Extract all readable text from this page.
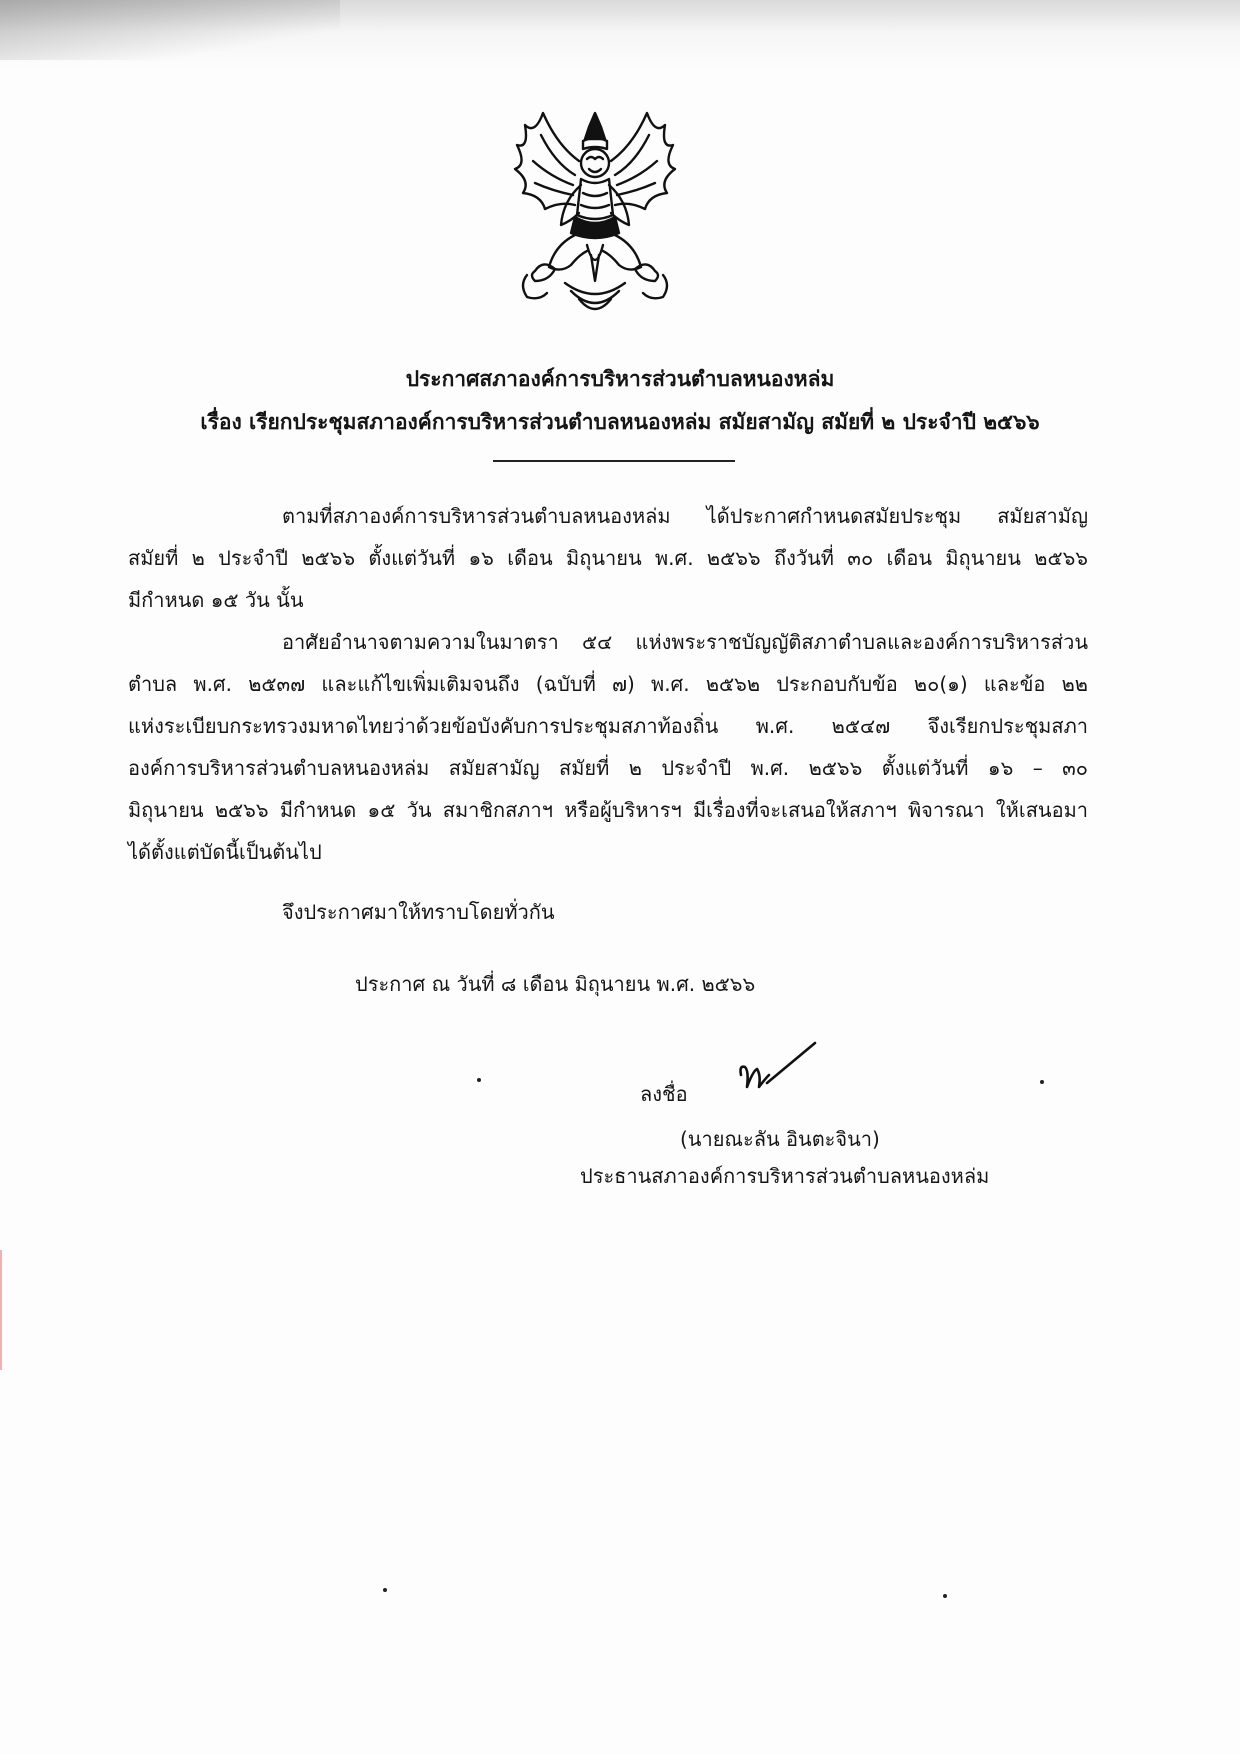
ประกาศสภาองค์การบริหารส่วนตำบลหนองหล่ม
เรื่อง เรียกประชุมสภาองค์การบริหารส่วนตำบลหนองหล่ม สมัยสามัญ สมัยที่ ๒ ประจำปี ๒๕๖๖
ตามที่สภาองค์การบริหารส่วนตำบลหนองหล่ม ได้ประกาศกำหนดสมัยประชุม สมัยสามัญ
สมัยที่ ๒ ประจำปี ๒๕๖๖ ตั้งแต่วันที่ ๑๖ เดือน มิถุนายน พ.ศ. ๒๕๖๖ ถึงวันที่ ๓๐ เดือน มิถุนายน ๒๕๖๖
มีกำหนด ๑๕ วัน นั้น
อาศัยอำนาจตามความในมาตรา ๕๔ แห่งพระราชบัญญัติสภาตำบลและองค์การบริหารส่วน
ตำบล พ.ศ. ๒๕๓๗ และแก้ไขเพิ่มเติมจนถึง (ฉบับที่ ๗) พ.ศ. ๒๕๖๒ ประกอบกับข้อ ๒๐(๑) และข้อ ๒๒
แห่งระเบียบกระทรวงมหาดไทยว่าด้วยข้อบังคับการประชุมสภาท้องถิ่น พ.ศ. ๒๕๔๗ จึงเรียกประชุมสภา
องค์การบริหารส่วนตำบลหนองหล่ม สมัยสามัญ สมัยที่ ๒ ประจำปี พ.ศ. ๒๕๖๖ ตั้งแต่วันที่ ๑๖ – ๓๐
มิถุนายน ๒๕๖๖ มีกำหนด ๑๕ วัน สมาชิกสภาฯ หรือผู้บริหารฯ มีเรื่องที่จะเสนอให้สภาฯ พิจารณา ให้เสนอมา
ได้ตั้งแต่บัดนี้เป็นต้นไป
จึงประกาศมาให้ทราบโดยทั่วกัน
ประกาศ ณ วันที่ ๘ เดือน มิถุนายน พ.ศ. ๒๕๖๖
ลงชื่อ
(นายณะลัน อินตะจินา)
ประธานสภาองค์การบริหารส่วนตำบลหนองหล่ม
